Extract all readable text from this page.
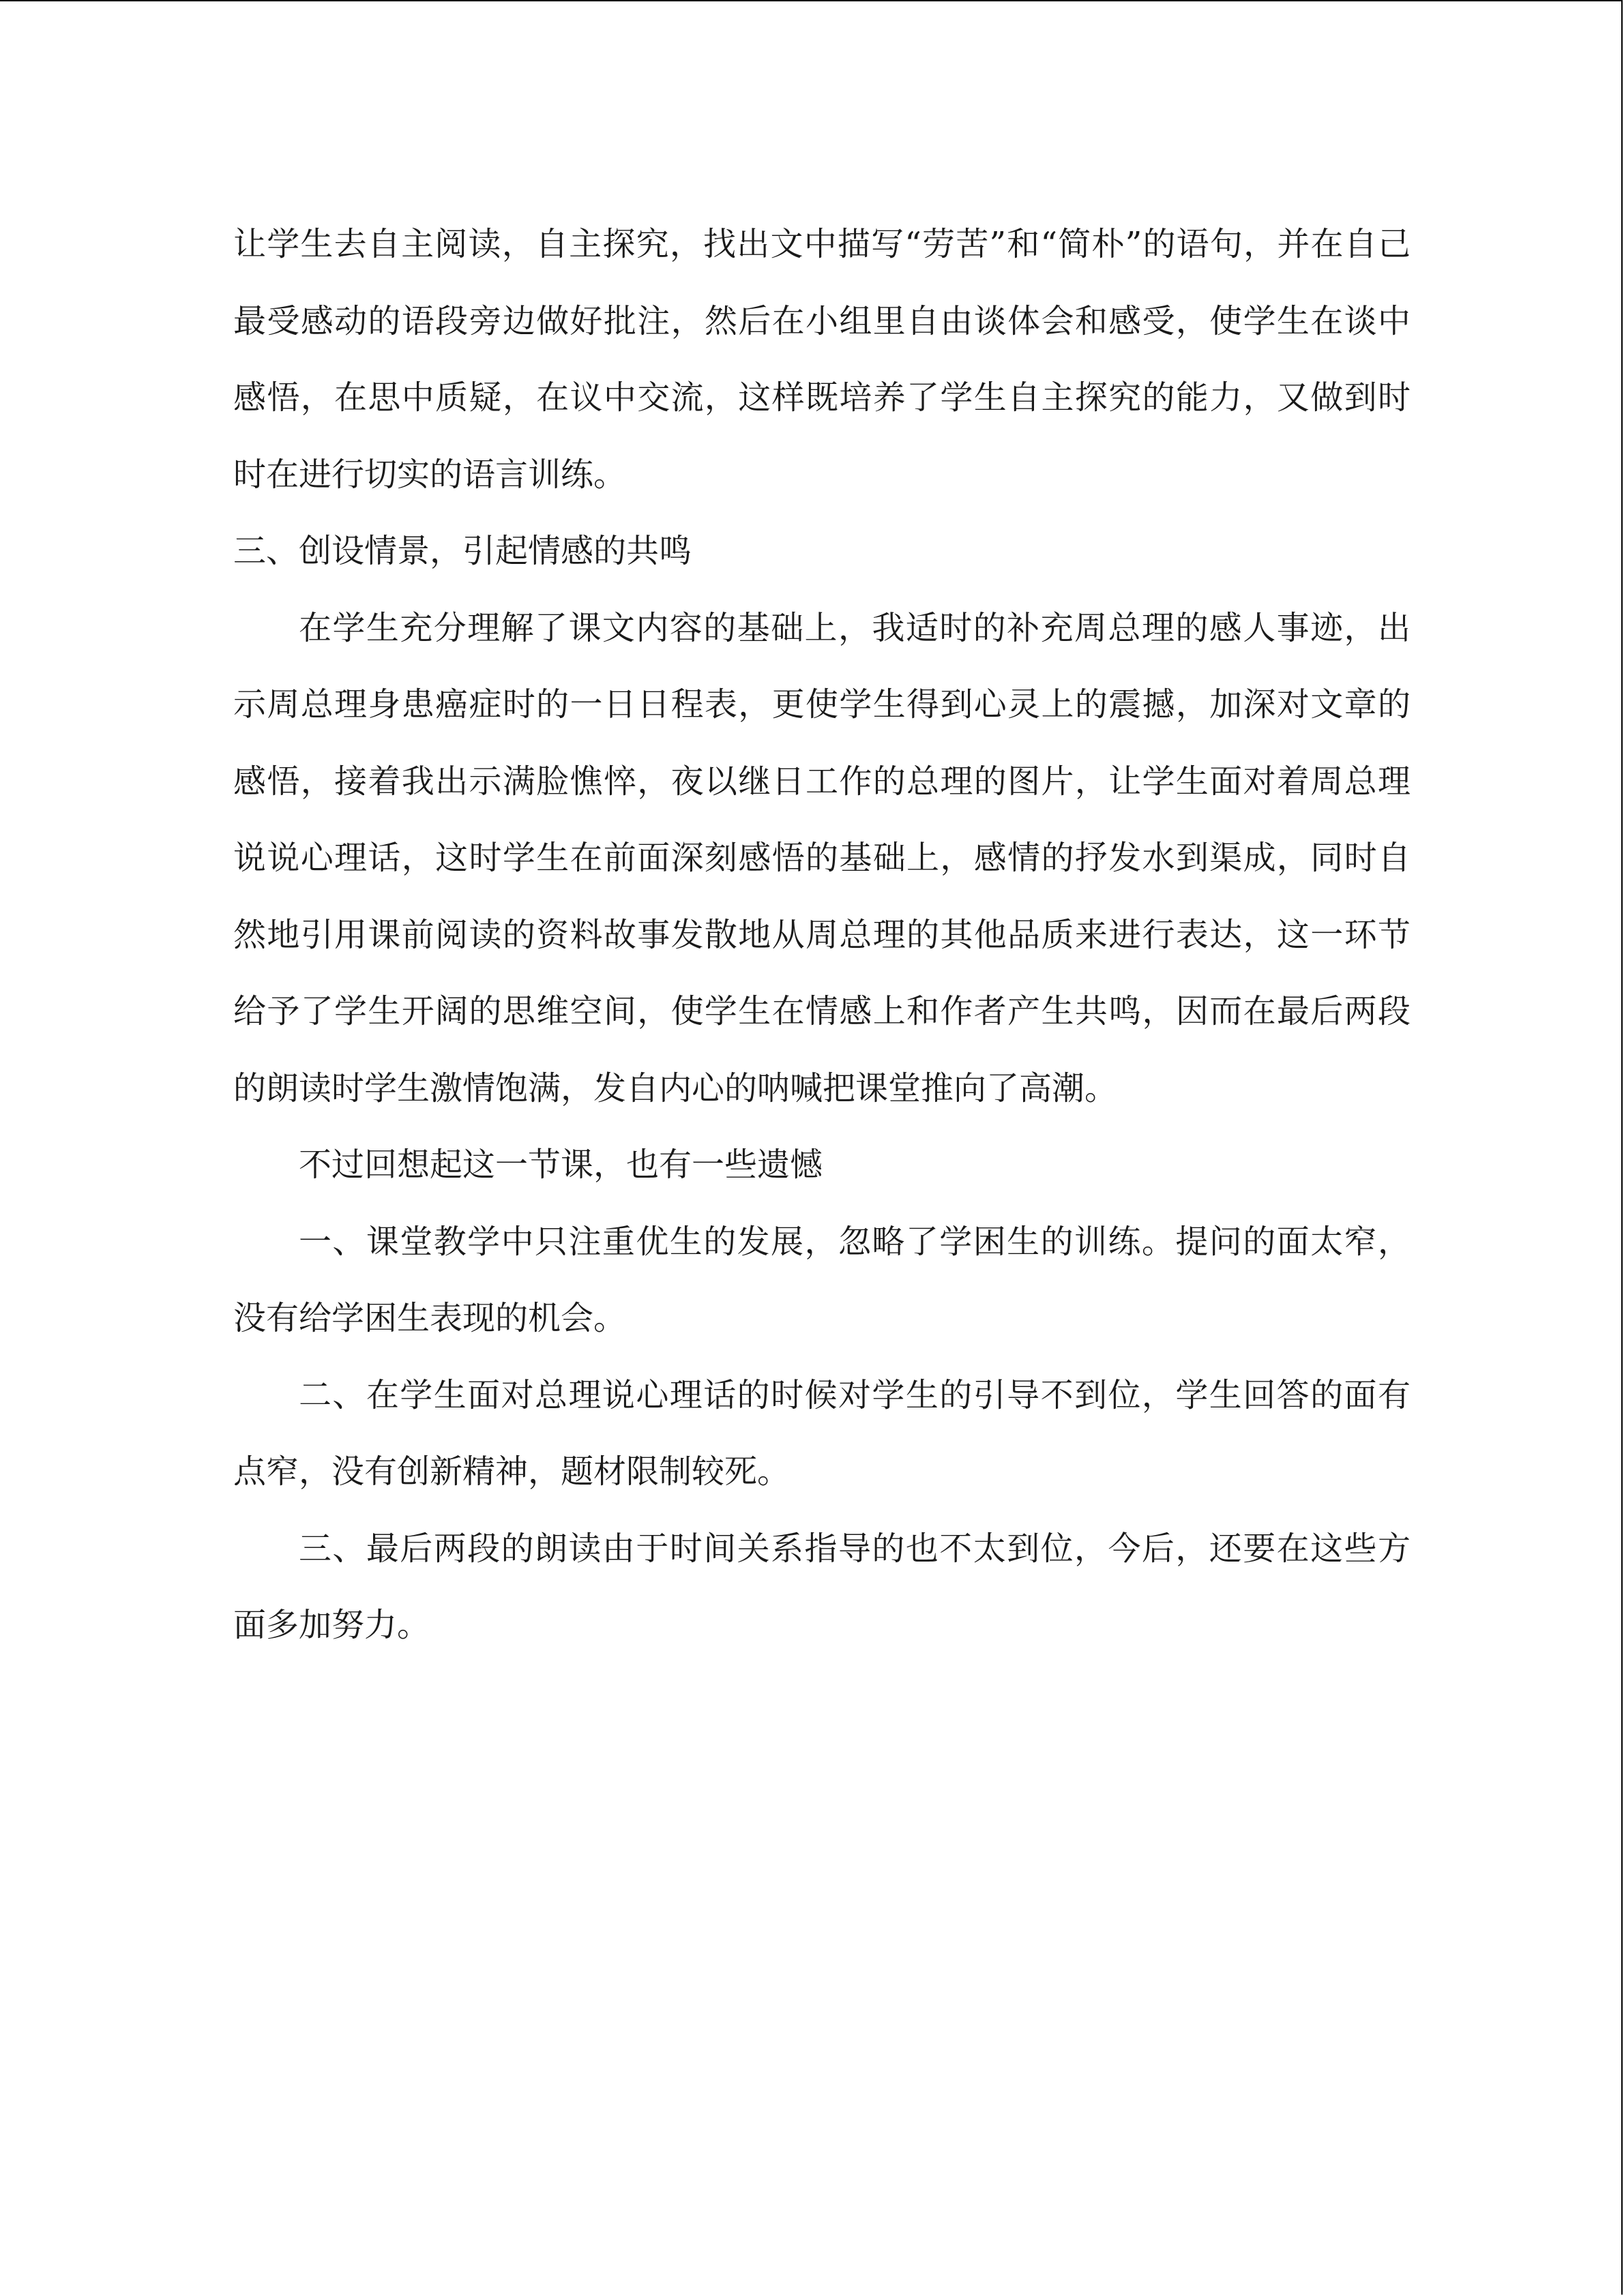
让学生去自主阅读，自主探究，找出文中描写“劳苦”和“简朴”的语句，并在自己最受感动的语段旁边做好批注，然后在小组里自由谈体会和感受，使学生在谈中感悟，在思中质疑，在议中交流，这样既培养了学生自主探究的能力，又做到时时在进行切实的语言训练。

三、创设情景，引起情感的共鸣

在学生充分理解了课文内容的基础上，我适时的补充周总理的感人事迹，出示周总理身患癌症时的一日日程表，更使学生得到心灵上的震撼，加深对文章的感悟，接着我出示满脸憔悴，夜以继日工作的总理的图片，让学生面对着周总理说说心理话，这时学生在前面深刻感悟的基础上，感情的抒发水到渠成，同时自然地引用课前阅读的资料故事发散地从周总理的其他品质来进行表达，这一环节给予了学生开阔的思维空间，使学生在情感上和作者产生共鸣，因而在最后两段的朗读时学生激情饱满，发自内心的呐喊把课堂推向了高潮。

不过回想起这一节课，也有一些遗憾

一、课堂教学中只注重优生的发展，忽略了学困生的训练。提问的面太窄，没有给学困生表现的机会。

二、在学生面对总理说心理话的时候对学生的引导不到位，学生回答的面有点窄，没有创新精神，题材限制较死。

三、最后两段的朗读由于时间关系指导的也不太到位，今后，还要在这些方面多加努力。
